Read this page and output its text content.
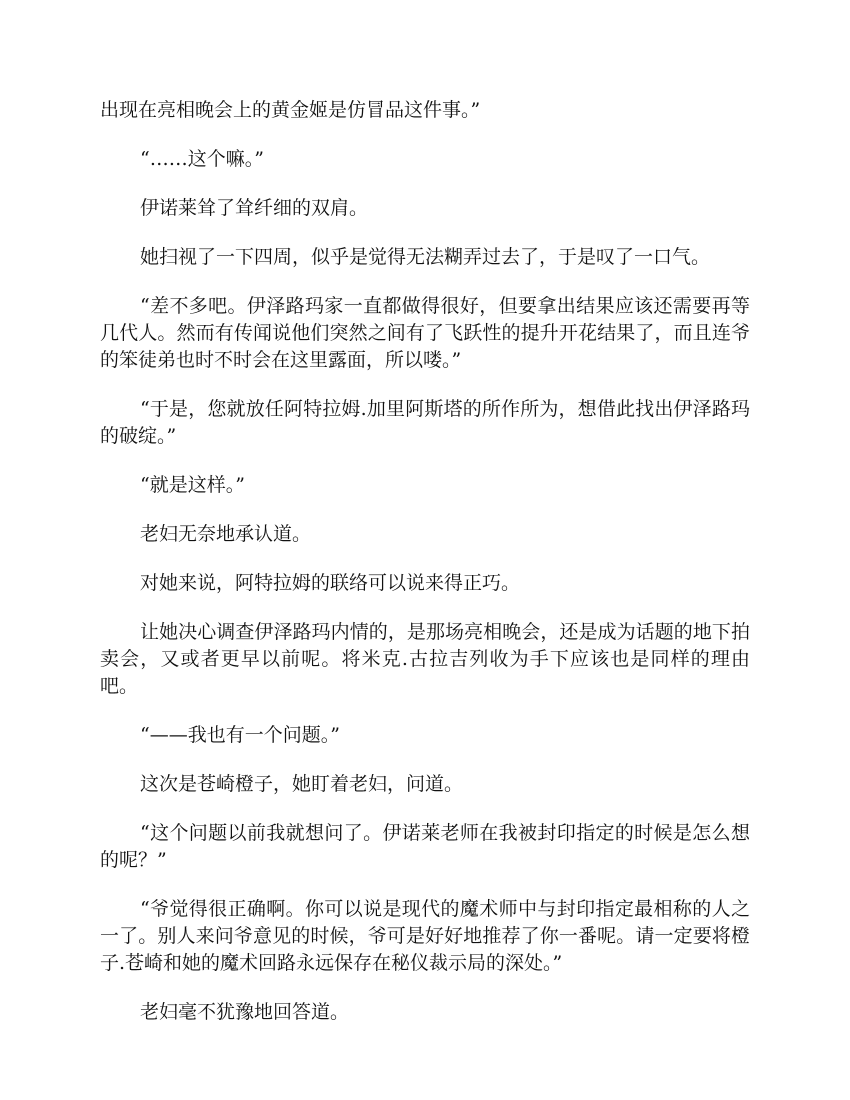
出现在亮相晚会上的黄金姬是仿冒品这件事。”

“……这个嘛。”

伊诺莱耸了耸纤细的双肩。

她扫视了一下四周，似乎是觉得无法糊弄过去了，于是叹了一口气。

“差不多吧。伊泽路玛家一直都做得很好，但要拿出结果应该还需要再等几代人。然而有传闻说他们突然之间有了飞跃性的提升开花结果了，而且连爷的笨徒弟也时不时会在这里露面，所以喽。”

“于是，您就放任阿特拉姆.加里阿斯塔的所作所为，想借此找出伊泽路玛的破绽。”

“就是这样。”

老妇无奈地承认道。

对她来说，阿特拉姆的联络可以说来得正巧。

让她决心调查伊泽路玛内情的，是那场亮相晚会，还是成为话题的地下拍卖会，又或者更早以前呢。将米克.古拉吉列收为手下应该也是同样的理由吧。

“——我也有一个问题。”

这次是苍崎橙子，她盯着老妇，问道。

“这个问题以前我就想问了。伊诺莱老师在我被封印指定的时候是怎么想的呢？”

“爷觉得很正确啊。你可以说是现代的魔术师中与封印指定最相称的人之一了。别人来问爷意见的时候，爷可是好好地推荐了你一番呢。请一定要将橙子.苍崎和她的魔术回路永远保存在秘仪裁示局的深处。”

老妇毫不犹豫地回答道。
